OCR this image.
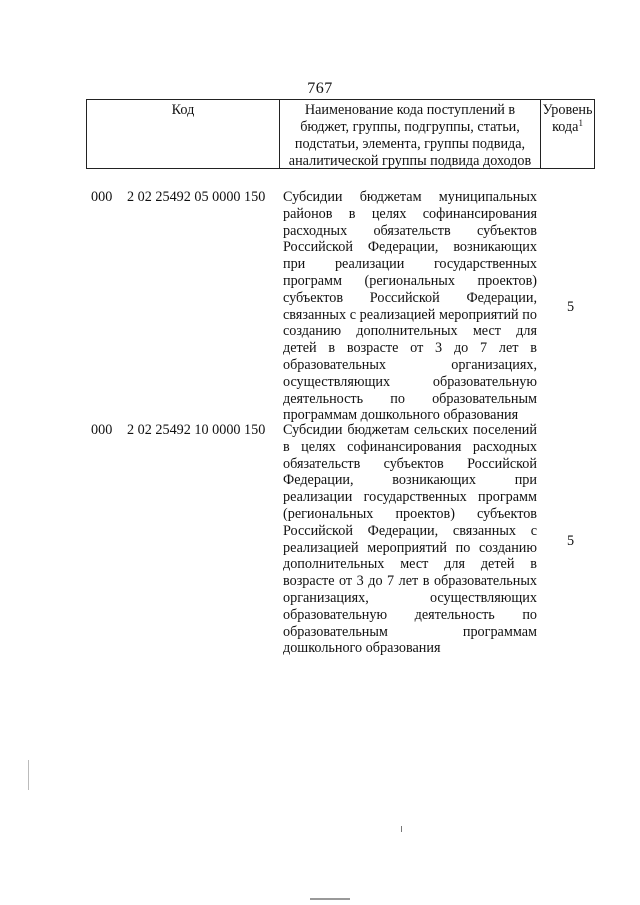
767
Код	Наименование кода поступлений в бюджет, группы, подгруппы, статьи, подстатьи, элемента, группы подвида, аналитической группы подвида доходов
Уровень кода$^1$
000 2 02 25492 05 0000 150 Субсидии бюджетам муниципальных районов в целях софинансирования расходных обязательств субъектов Российской Федерации, возникающих при реализации государственных программ (региональных проектов) субъектов Российской Федерации, связанных с реализацией мероприятий по созданию дополнительных мест для детей в возрасте от 3 до 7 лет в образовательных организациях, осуществляющих образовательную деятельность по образовательным программам дошкольного образования
5
000 2 02 25492 10 0000 150 Субсидии бюджетам сельских поселений в целях софинансирования расходных обязательств субъектов Российской Федерации, возникающих при реализации государственных программ (региональных проектов) субъектов Российской Федерации, связанных с реализацией мероприятий по созданию дополнительных мест для детей в возрасте от 3 до 7 лет в образовательных организациях, осуществляющих образовательную деятельность по образовательным программам дошкольного образования
5
